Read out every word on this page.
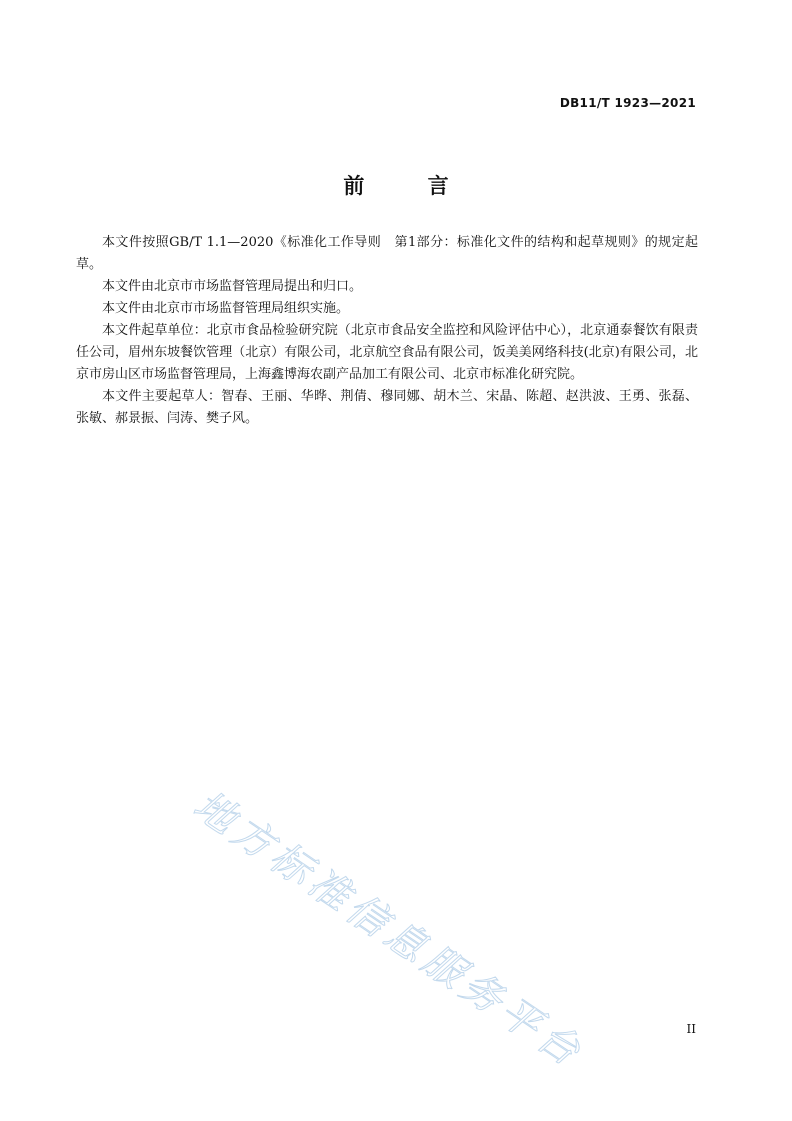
DB11/T 1923—2021
前 言

本文件按照GB/T 1.1—2020《标准化工作导则　第1部分：标准化文件的结构和起草规则》的规定起草。

本文件由北京市市场监督管理局提出和归口。

本文件由北京市市场监督管理局组织实施。

本文件起草单位：北京市食品检验研究院（北京市食品安全监控和风险评估中心），北京通泰餐饮有限责任公司，眉州东坡餐饮管理（北京）有限公司，北京航空食品有限公司，饭美美网络科技(北京)有限公司，北京市房山区市场监督管理局，上海鑫博海农副产品加工有限公司、北京市标准化研究院。

本文件主要起草人：智春、王丽、华晔、荆倩、穆同娜、胡木兰、宋晶、陈超、赵洪波、王勇、张磊、张敏、郝景振、闫涛、樊子风。

地方标准信息服务平台	II
